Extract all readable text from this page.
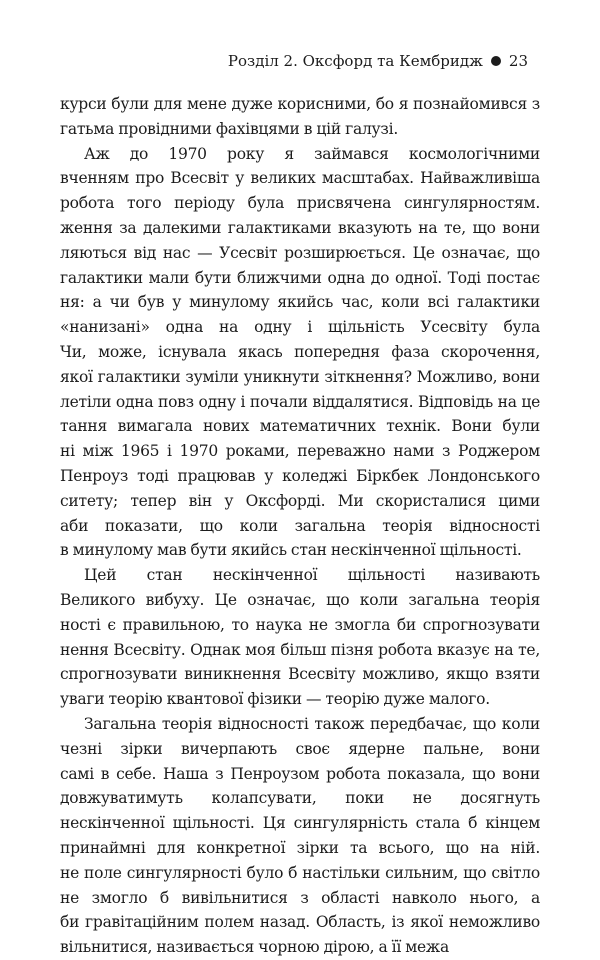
Розділ 2. Оксфорд та Кембридж 23
курси були для мене дуже корисними, бо я познайомився з
гатьма провідними фахівцями в цій галузі.
Аж до 1970 року я займався космологічними
вченням про Всесвіт у великих масштабах. Найважливіша
робота того періоду була присвячена сингулярностям.
ження за далекими галактиками вказують на те, що вони
ляються від нас — Усесвіт розширюється. Це означає, що
галактики мали бути ближчими одна до одної. Тоді постає
ня: а чи був у минулому якийсь час, коли всі галактики
«нанизані» одна на одну і щільність Усесвіту була
Чи, може, існувала якась попередня фаза скорочення,
якої галактики зуміли уникнути зіткнення? Можливо, вони
летіли одна повз одну і почали віддалятися. Відповідь на це
тання вимагала нових математичних технік. Вони були
ні між 1965 і 1970 роками, переважно нами з Роджером
Пенроуз тоді працював у коледжі Біркбек Лондонського
ситету; тепер він у Оксфорді. Ми скористалися цими
аби показати, що коли загальна теорія відносності
в минулому мав бути якийсь стан нескінченної щільності.
Цей стан нескінченної щільності називають
Великого вибуху. Це означає, що коли загальна теорія
ності є правильною, то наука не змогла би спрогнозувати
нення Всесвіту. Однак моя більш пізня робота вказує на те,
спрогнозувати виникнення Всесвіту можливо, якщо взяти
уваги теорію квантової фізики — теорію дуже малого.
Загальна теорія відносності також передбачає, що коли
чезні зірки вичерпають своє ядерне пальне, вони
самі в себе. Наша з Пенроузом робота показала, що вони
довжуватимуть колапсувати, поки не досягнуть
нескінченної щільності. Ця сингулярність стала б кінцем
принаймні для конкретної зірки та всього, що на ній.
не поле сингулярності було б настільки сильним, що світло
не змогло б вивільнитися з області навколо нього, а
би гравітаційним полем назад. Область, із якої неможливо
вільнитися, називається чорною дірою, а її межа
